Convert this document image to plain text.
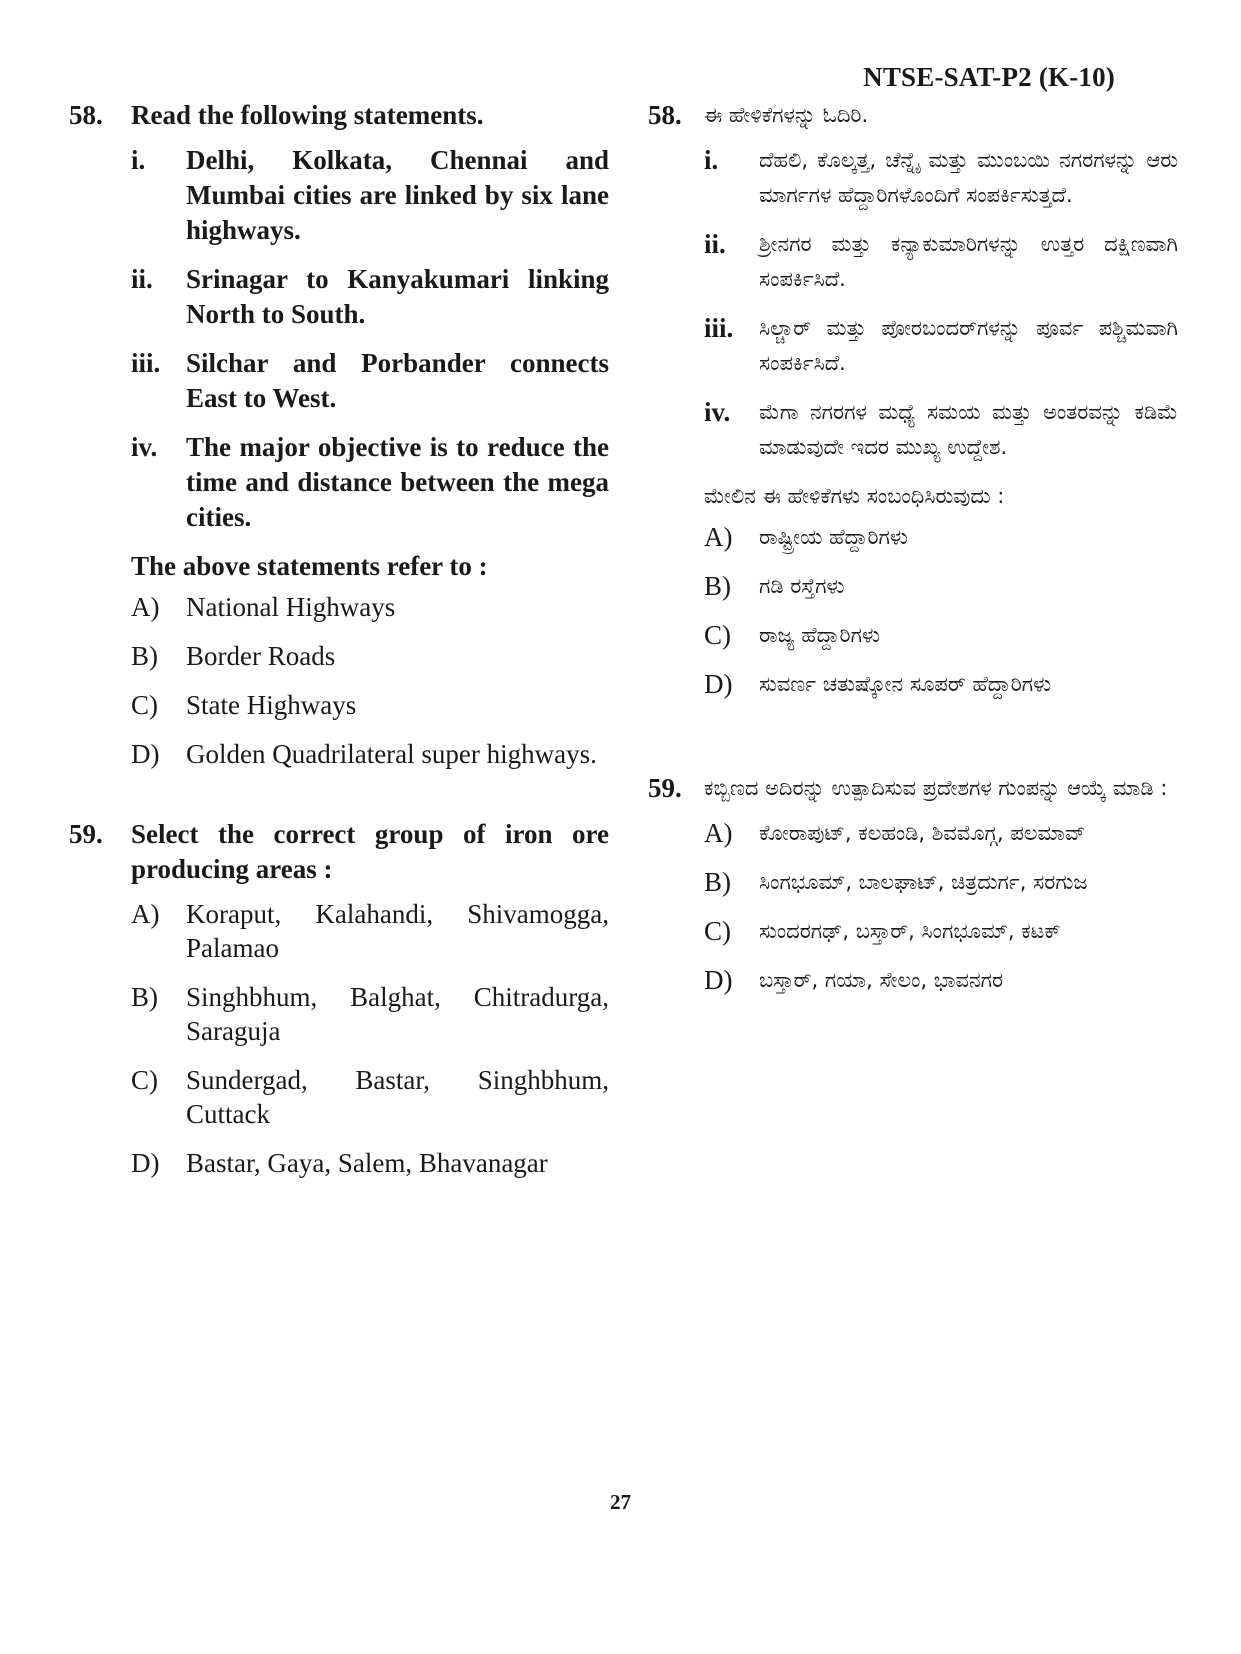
NTSE-SAT-P2 (K-10)
58.	Read the following statements.
i.	Delhi, Kolkata, Chennai and Mumbai cities are linked by six lane highways.
ii.	Srinagar to Kanyakumari linking North to South.
iii. Silchar and Porbander connects East to West.
iv.	The major objective is to reduce the time and distance between the mega cities.
The above statements refer to :
A) National Highways
B)	Border Roads
C)	State Highways
D) Golden Quadrilateral super highways.
59.	Select the correct group of iron ore producing areas :
A) Koraput, Kalahandi, Shivamogga, Palamao
B)	Singhbhum, Balghat, Chitradurga, Saraguja
C)	Sundergad, Bastar, Singhbhum, Cuttack
D) Bastar, Gaya, Salem, Bhavanagar
58.	ಈ ಹೇಳಿಕೆಗಳನ್ನು ಓದಿರಿ.
i.	ದೆಹಲಿ, ಕೊಲ್ಕತ್ತ, ಚೆನ್ನೈ ಮತ್ತು ಮುಂಬಯಿ ನಗರಗಳನ್ನು ಆರು ಮಾರ್ಗಗಳ ಹೆದ್ದಾರಿಗಳೊಂದಿಗೆ ಸಂಪರ್ಕಿಸುತ್ತದೆ.
ii.	ಶ್ರೀನಗರ ಮತ್ತು ಕನ್ಯಾಕುಮಾರಿಗಳನ್ನು ಉತ್ತರ ದಕ್ಷಿಣವಾಗಿ ಸಂಪರ್ಕಿಸಿದೆ.
iii.	ಸಿಲ್ಚಾರ್ ಮತ್ತು ಪೋರಬಂದರ್‌ಗಳನ್ನು ಪೂರ್ವ ಪಶ್ಚಿಮವಾಗಿ ಸಂಪರ್ಕಿಸಿದೆ.
iv.	ಮೆಗಾ ನಗರಗಳ ಮಧ್ಯೆ ಸಮಯ ಮತ್ತು ಅಂತರವನ್ನು ಕಡಿಮೆ ಮಾಡುವುದೇ ಇದರ ಮುಖ್ಯ ಉದ್ದೇಶ.
ಮೇಲಿನ ಈ ಹೇಳಿಕೆಗಳು ಸಂಬಂಧಿಸಿರುವುದು :
A)	ರಾಷ್ಟ್ರೀಯ ಹೆದ್ದಾರಿಗಳು
B)	ಗಡಿ ರಸ್ತೆಗಳು
C)	ರಾಜ್ಯ ಹೆದ್ದಾರಿಗಳು
D)	ಸುವರ್ಣ ಚತುಷ್ಕೋನ ಸೂಪರ್ ಹೆದ್ದಾರಿಗಳು
59.	ಕಬ್ಬಿಣದ ಅದಿರನ್ನು ಉತ್ಪಾದಿಸುವ ಪ್ರದೇಶಗಳ ಗುಂಪನ್ನು ಆಯ್ಕೆ ಮಾಡಿ :
A)	ಕೋರಾಪುಟ್, ಕಲಹಂಡಿ, ಶಿವಮೊಗ್ಗ, ಪಲಮಾವ್
B)	ಸಿಂಗಭೂಮ್, ಬಾಲಘಾಟ್, ಚಿತ್ರದುರ್ಗ, ಸರಗುಜ
C)	ಸುಂದರಗಢ್, ಬಸ್ತಾರ್, ಸಿಂಗಭೂಮ್, ಕಟಕ್
D)	ಬಸ್ತಾರ್, ಗಯಾ, ಸೇಲಂ, ಭಾವನಗರ
27
